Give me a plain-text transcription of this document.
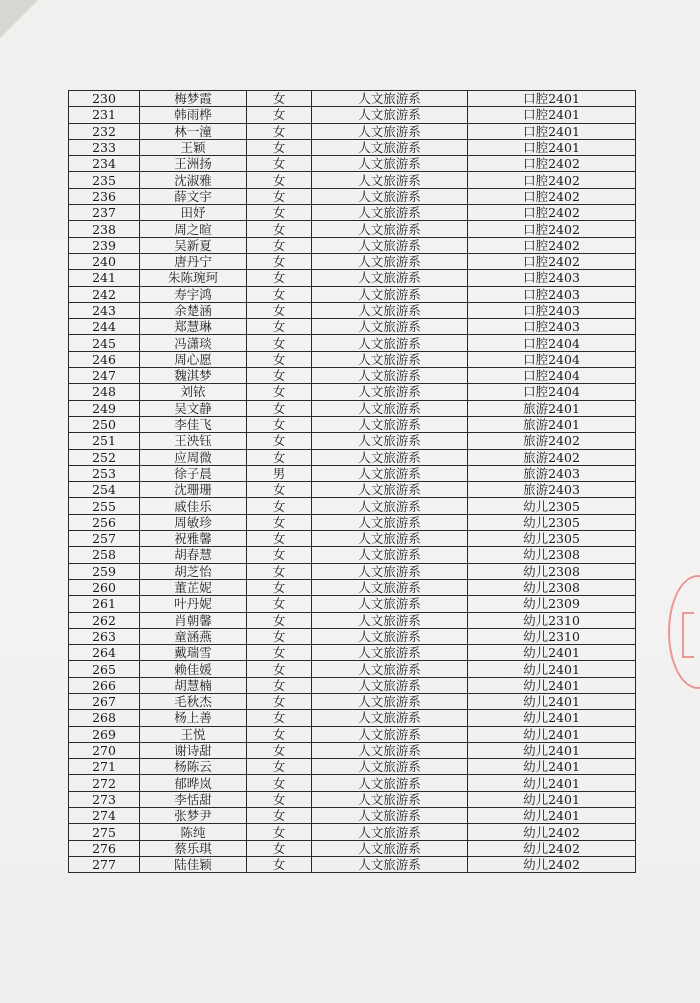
230	梅梦霞	女	人文旅游系	口腔2401
231	韩雨桦	女	人文旅游系	口腔2401
232	林一潼	女	人文旅游系	口腔2401
233	王颖	女	人文旅游系	口腔2401
234	王洲扬	女	人文旅游系	口腔2402
235	沈淑雅	女	人文旅游系	口腔2402
236	薛文宇	女	人文旅游系	口腔2402
237	田妤	女	人文旅游系	口腔2402
238	周之暄	女	人文旅游系	口腔2402
239	吴新夏	女	人文旅游系	口腔2402
240	唐丹宁	女	人文旅游系	口腔2402
241	朱陈琬珂	女	人文旅游系	口腔2403
242	寿宇鸿	女	人文旅游系	口腔2403
243	余楚涵	女	人文旅游系	口腔2403
244	郑慧琳	女	人文旅游系	口腔2403
245	冯潇琰	女	人文旅游系	口腔2404
246	周心愿	女	人文旅游系	口腔2404
247	魏淇梦	女	人文旅游系	口腔2404
248	刘铱	女	人文旅游系	口腔2404
249	吴文静	女	人文旅游系	旅游2401
250	李佳飞	女	人文旅游系	旅游2401
251	王泱钰	女	人文旅游系	旅游2402
252	应周微	女	人文旅游系	旅游2402
253	徐子晨	男	人文旅游系	旅游2403
254	沈珊珊	女	人文旅游系	旅游2403
255	戚佳乐	女	人文旅游系	幼儿2305
256	周敏珍	女	人文旅游系	幼儿2305
257	祝雅馨	女	人文旅游系	幼儿2305
258	胡春慧	女	人文旅游系	幼儿2308
259	胡芝怡	女	人文旅游系	幼儿2308
260	董芷妮	女	人文旅游系	幼儿2308
261	叶丹妮	女	人文旅游系	幼儿2309
262	肖朝馨	女	人文旅游系	幼儿2310
263	童涵燕	女	人文旅游系	幼儿2310
264	戴瑞雪	女	人文旅游系	幼儿2401
265	赖佳媛	女	人文旅游系	幼儿2401
266	胡慧楠	女	人文旅游系	幼儿2401
267	毛秋杰	女	人文旅游系	幼儿2401
268	杨上善	女	人文旅游系	幼儿2401
269	王悦	女	人文旅游系	幼儿2401
270	谢诗甜	女	人文旅游系	幼儿2401
271	杨陈云	女	人文旅游系	幼儿2401
272	郁晔岚	女	人文旅游系	幼儿2401
273	李恬甜	女	人文旅游系	幼儿2401
274	张梦尹	女	人文旅游系	幼儿2401
275	陈纯	女	人文旅游系	幼儿2402
276	蔡乐琪	女	人文旅游系	幼儿2402
277	陆佳颖	女	人文旅游系	幼儿2402
